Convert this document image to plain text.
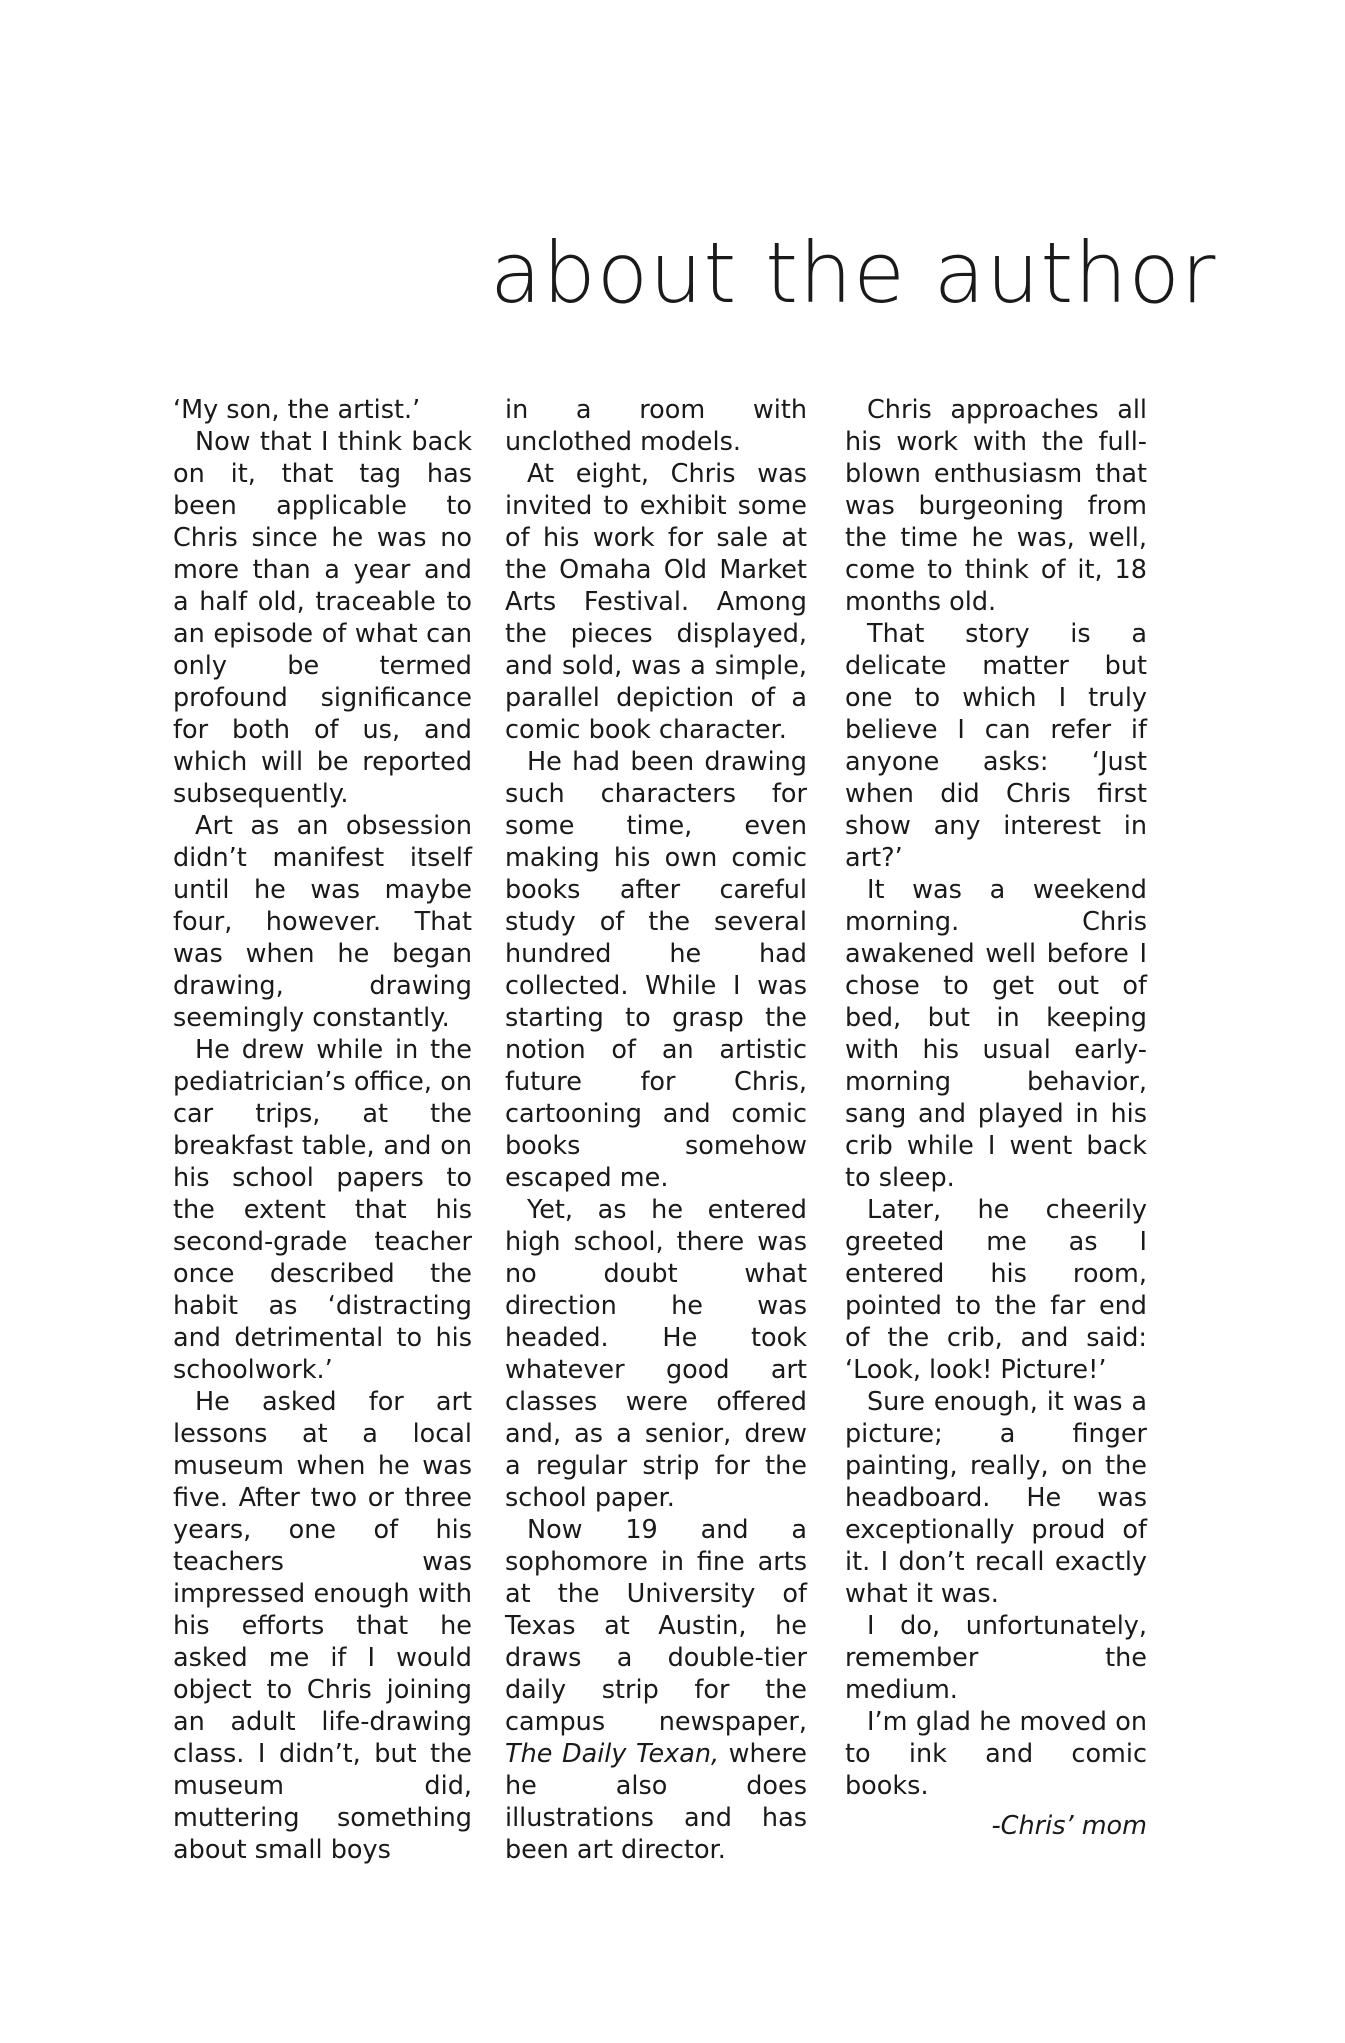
about the author

‘My son, the artist.’

Now that I think back on it, that tag has been applicable to Chris since he was no more than a year and a half old, traceable to an episode of what can only be termed profound significance for both of us, and which will be reported subsequently.

Art as an obsession didn’t manifest itself until he was maybe four, however. That was when he began drawing, drawing seemingly constantly.

He drew while in the pediatrician’s office, on car trips, at the breakfast table, and on his school papers to the extent that his second-grade teacher once described the habit as ‘distracting and detrimental to his schoolwork.’

He asked for art lessons at a local museum when he was five. After two or three years, one of his teachers was impressed enough with his efforts that he asked me if I would object to Chris joining an adult life-drawing class. I didn’t, but the museum did, muttering something about small boys

in a room with unclothed models.

At eight, Chris was invited to exhibit some of his work for sale at the Omaha Old Market Arts Festival. Among the pieces displayed, and sold, was a simple, parallel depiction of a comic book character.

He had been drawing such characters for some time, even making his own comic books after careful study of the several hundred he had collected. While I was starting to grasp the notion of an artistic future for Chris, cartooning and comic books somehow escaped me.

Yet, as he entered high school, there was no doubt what direction he was headed. He took whatever good art classes were offered and, as a senior, drew a regular strip for the school paper.

Now 19 and a sophomore in fine arts at the University of Texas at Austin, he draws a double-tier daily strip for the campus newspaper, The Daily Texan, where he also does illustrations and has been art director.

Chris approaches all his work with the full-blown enthusiasm that was burgeoning from the time he was, well, come to think of it, 18 months old.

That story is a delicate matter but one to which I truly believe I can refer if anyone asks: ‘Just when did Chris first show any interest in art?’

It was a weekend morning. Chris awakened well before I chose to get out of bed, but in keeping with his usual early-morning behavior, sang and played in his crib while I went back to sleep.

Later, he cheerily greeted me as I entered his room, pointed to the far end of the crib, and said: ‘Look, look! Picture!’

Sure enough, it was a picture; a finger painting, really, on the headboard. He was exceptionally proud of it. I don’t recall exactly what it was.

I do, unfortunately, remember the medium.

I’m glad he moved on to ink and comic books.

-Chris’ mom
